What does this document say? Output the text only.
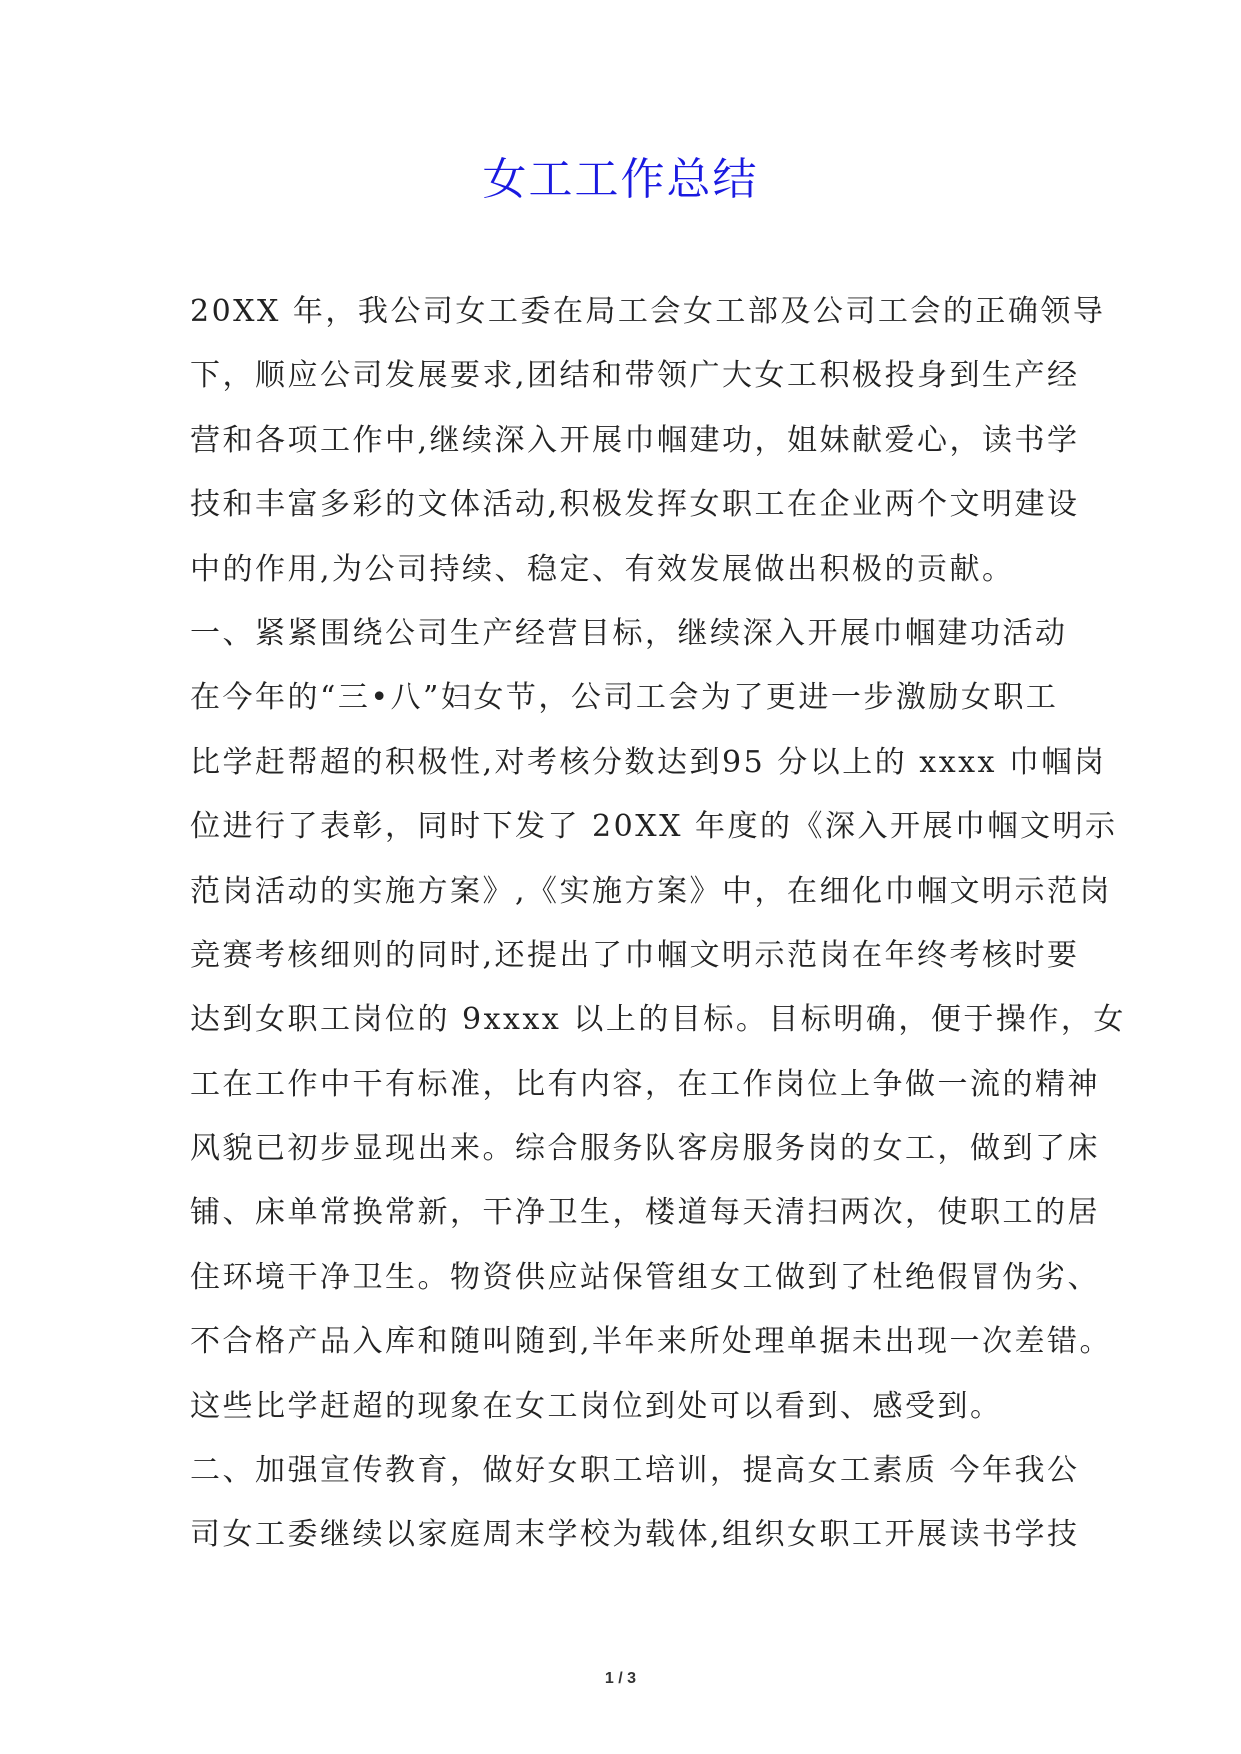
女工工作总结
20XX 年，我公司女工委在局工会女工部及公司工会的正确领导
下，顺应公司发展要求,团结和带领广大女工积极投身到生产经
营和各项工作中,继续深入开展巾帼建功，姐妹献爱心，读书学
技和丰富多彩的文体活动,积极发挥女职工在企业两个文明建设
中的作用,为公司持续、稳定、有效发展做出积极的贡献。
一、紧紧围绕公司生产经营目标，继续深入开展巾帼建功活动
在今年的“三•八”妇女节，公司工会为了更进一步激励女职工
比学赶帮超的积极性,对考核分数达到95 分以上的 xxxx 巾帼岗
位进行了表彰，同时下发了 20XX 年度的《深入开展巾帼文明示
范岗活动的实施方案》,《实施方案》中，在细化巾帼文明示范岗
竞赛考核细则的同时,还提出了巾帼文明示范岗在年终考核时要
达到女职工岗位的 9xxxx 以上的目标。目标明确，便于操作，女
工在工作中干有标准，比有内容，在工作岗位上争做一流的精神
风貌已初步显现出来。综合服务队客房服务岗的女工，做到了床
铺、床单常换常新，干净卫生，楼道每天清扫两次，使职工的居
住环境干净卫生。物资供应站保管组女工做到了杜绝假冒伪劣、
不合格产品入库和随叫随到,半年来所处理单据未出现一次差错。
这些比学赶超的现象在女工岗位到处可以看到、感受到。
二、加强宣传教育，做好女职工培训，提高女工素质 今年我公
司女工委继续以家庭周末学校为载体,组织女职工开展读书学技
1 / 3
